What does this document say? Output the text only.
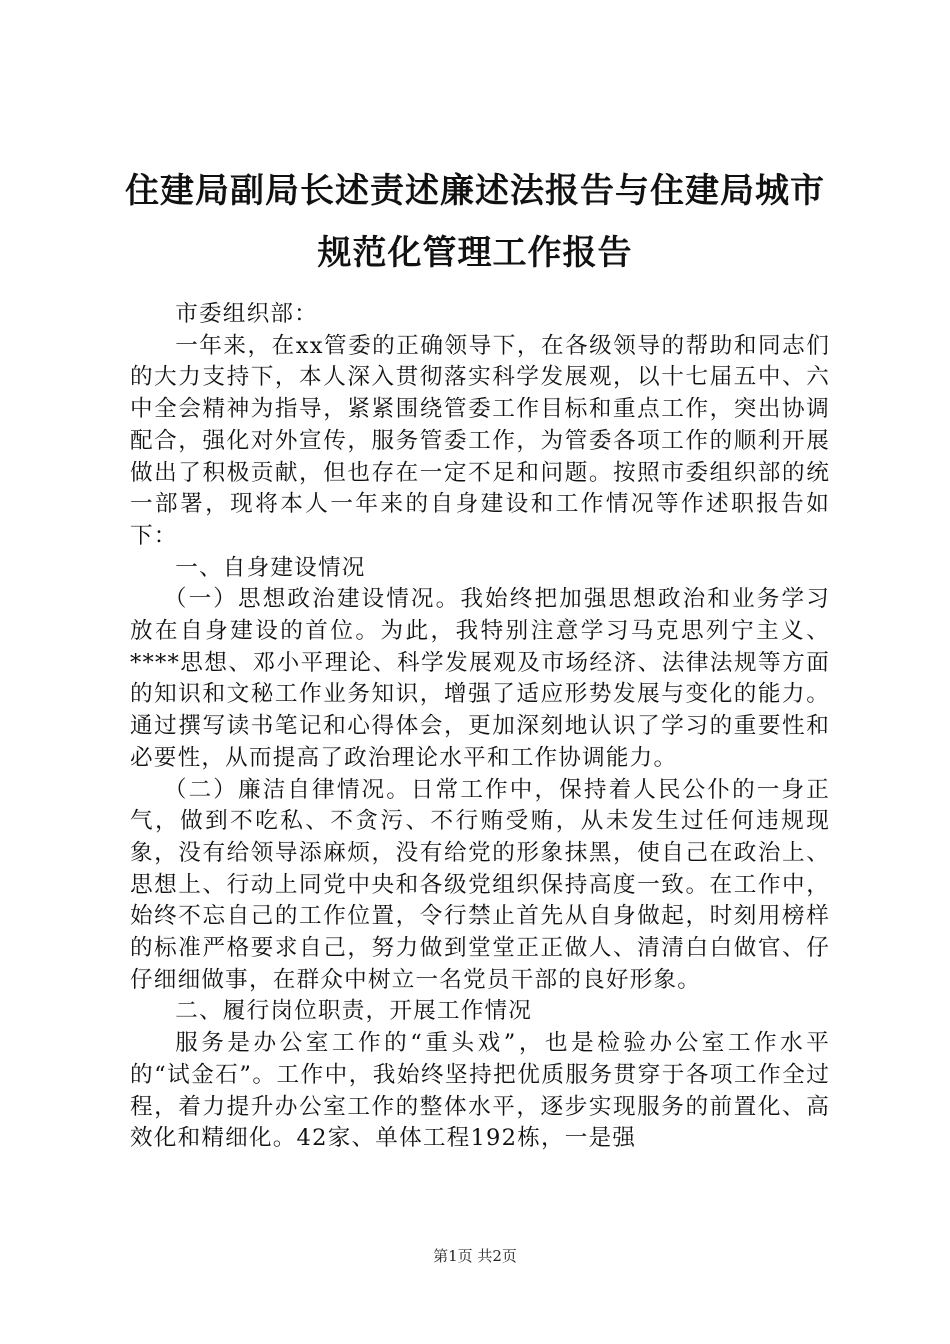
住建局副局长述责述廉述法报告与住建局城市规范化管理工作报告

市委组织部：

一年来，在xx管委的正确领导下，在各级领导的帮助和同志们的大力支持下，本人深入贯彻落实科学发展观，以十七届五中、六中全会精神为指导，紧紧围绕管委工作目标和重点工作，突出协调配合，强化对外宣传，服务管委工作，为管委各项工作的顺利开展做出了积极贡献，但也存在一定不足和问题。按照市委组织部的统一部署，现将本人一年来的自身建设和工作情况等作述职报告如下：

一、自身建设情况

（一）思想政治建设情况。我始终把加强思想政治和业务学习放在自身建设的首位。为此，我特别注意学习马克思列宁主义、****思想、邓小平理论、科学发展观及市场经济、法律法规等方面的知识和文秘工作业务知识，增强了适应形势发展与变化的能力。通过撰写读书笔记和心得体会，更加深刻地认识了学习的重要性和必要性，从而提高了政治理论水平和工作协调能力。

（二）廉洁自律情况。日常工作中，保持着人民公仆的一身正气，做到不吃私、不贪污、不行贿受贿，从未发生过任何违规现象，没有给领导添麻烦，没有给党的形象抹黑，使自己在政治上、思想上、行动上同党中央和各级党组织保持高度一致。在工作中，始终不忘自己的工作位置，令行禁止首先从自身做起，时刻用榜样的标准严格要求自己，努力做到堂堂正正做人、清清白白做官、仔仔细细做事，在群众中树立一名党员干部的良好形象。

二、履行岗位职责，开展工作情况

服务是办公室工作的“重头戏”，也是检验办公室工作水平的“试金石”。工作中，我始终坚持把优质服务贯穿于各项工作全过程，着力提升办公室工作的整体水平，逐步实现服务的前置化、高效化和精细化。42家、单体工程192栋，一是强

第1页 共2页
